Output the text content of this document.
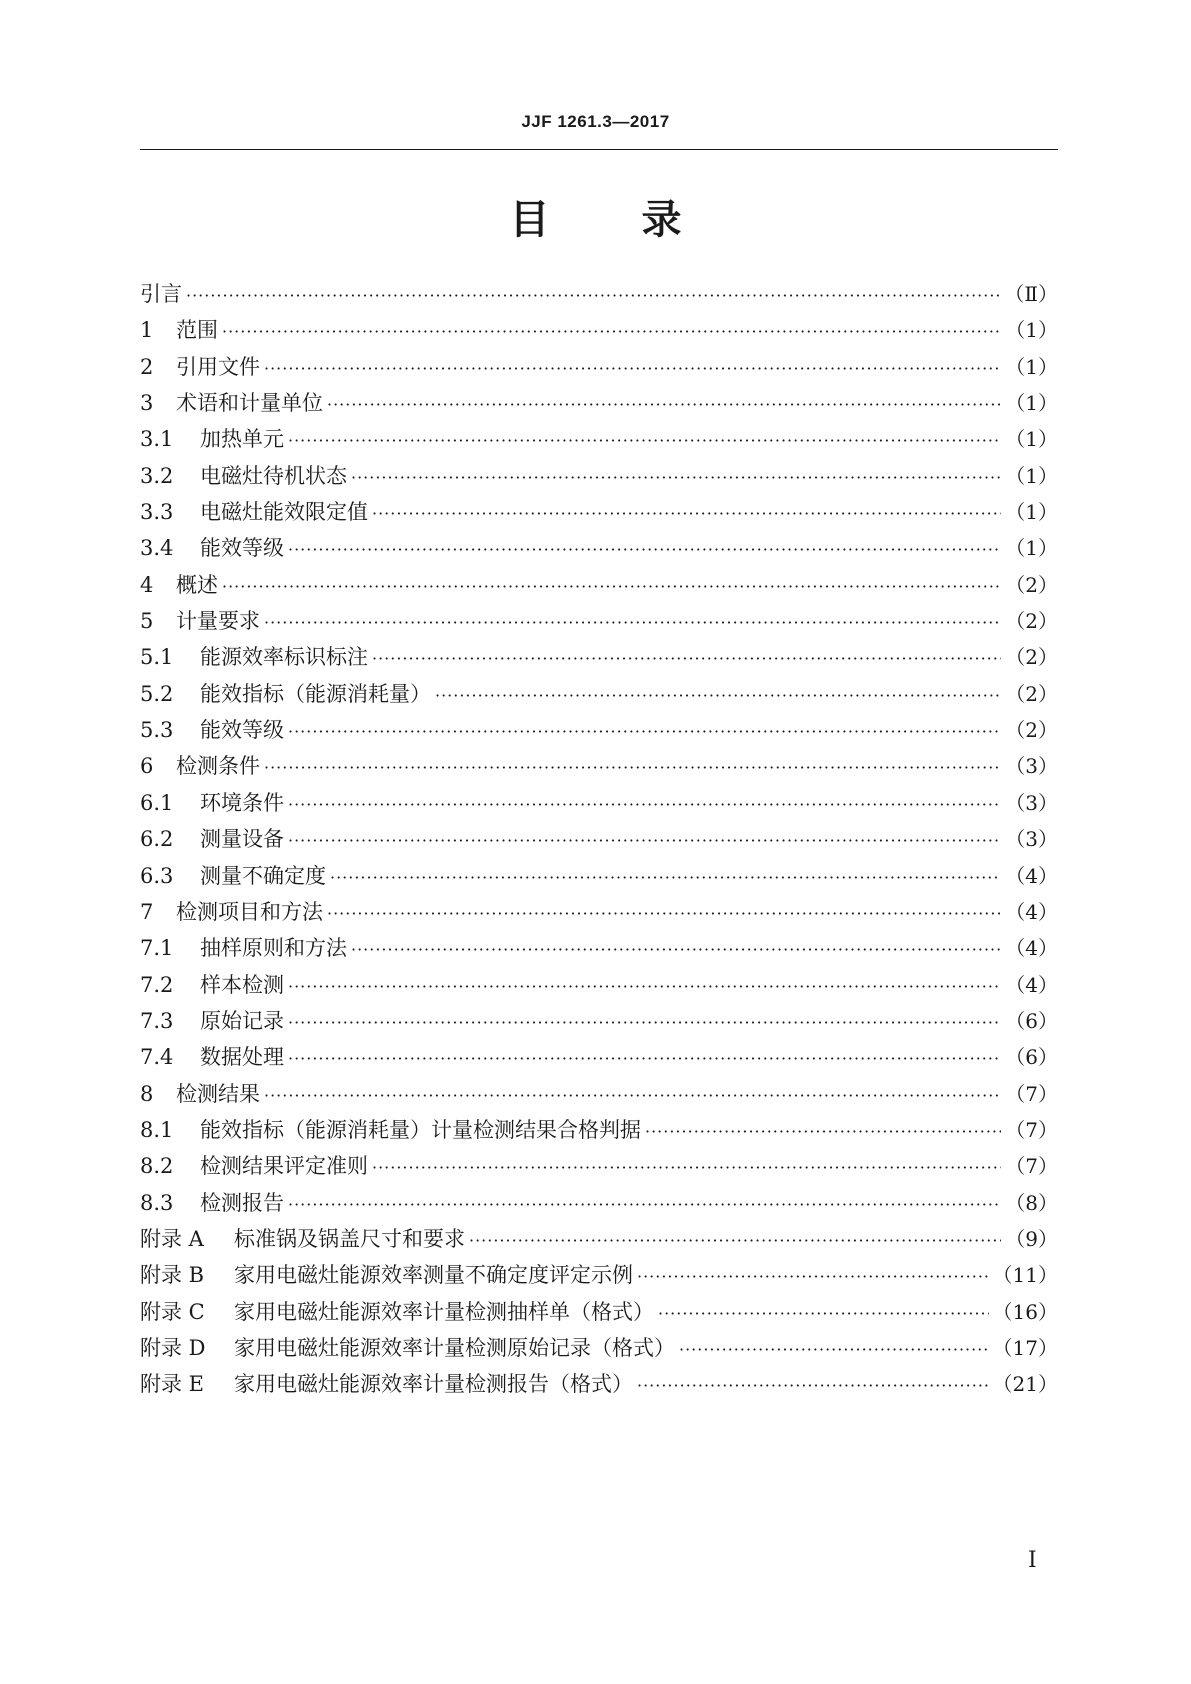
JJF 1261.3—2017
目 录
引言 ·····	（Ⅱ）
1 范围 ·····	（1）
2 引用文件 ·····	（1）
3 术语和计量单位 ·····	（1）
3.1 加热单元 ·····	（1）
3.2 电磁灶待机状态 ·····	（1）
3.3 电磁灶能效限定值 ·····	（1）
3.4 能效等级 ·····	（1）
4 概述 ·····	（2）
5 计量要求 ·····	（2）
5.1 能源效率标识标注 ·····	（2）
5.2 能效指标（能源消耗量） ·····	（2）
5.3 能效等级 ·····	（2）
6 检测条件 ·····	（3）
6.1 环境条件 ·····	（3）
6.2 测量设备 ·····	（3）
6.3 测量不确定度 ·····	（4）
7 检测项目和方法 ·····	（4）
7.1 抽样原则和方法 ·····	（4）
7.2 样本检测 ·····	（4）
7.3 原始记录 ·····	（6）
7.4 数据处理 ·····	（6）
8 检测结果 ·····	（7）
8.1 能效指标（能源消耗量）计量检测结果合格判据 ·····	（7）
8.2 检测结果评定准则 ·····	（7）
8.3 检测报告 ·····	（8）
附录 A 标准锅及锅盖尺寸和要求 ·····	（9）
附录 B 家用电磁灶能源效率测量不确定度评定示例 ·····	（11）
附录 C 家用电磁灶能源效率计量检测抽样单（格式） ·····	（16）
附录 D 家用电磁灶能源效率计量检测原始记录（格式） ·····	（17）
附录 E 家用电磁灶能源效率计量检测报告（格式） ·····	（21）
I
